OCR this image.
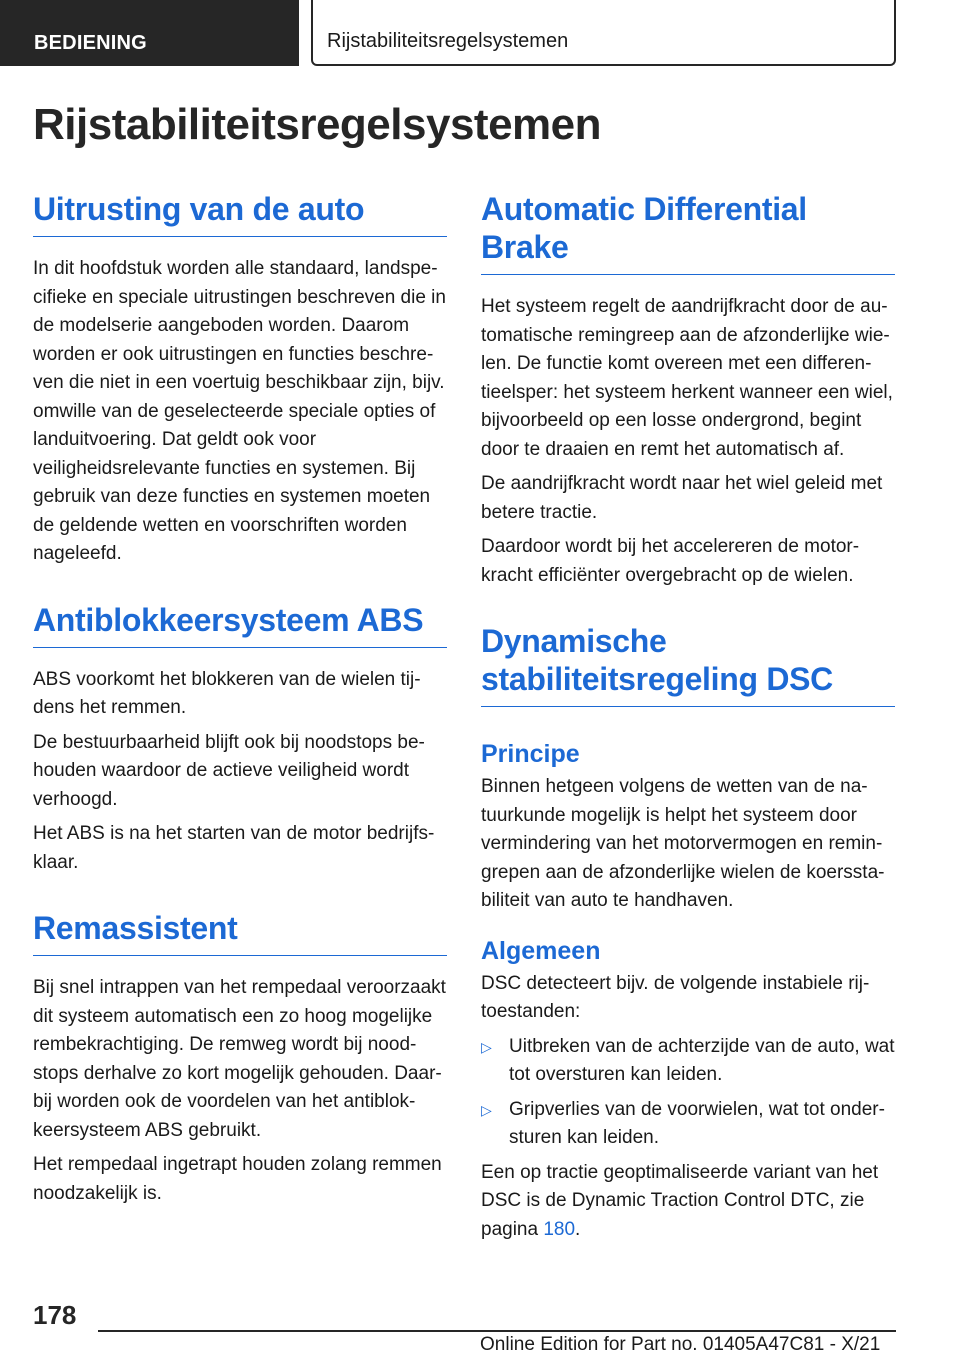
BEDIENING	Rijstabiliteitsregelsystemen
Rijstabiliteitsregelsystemen
Uitrusting van de auto

In dit hoofdstuk worden alle standaard, landspecifieke en speciale uitrustingen beschreven die in de modelserie aangeboden worden. Daarom worden er ook uitrustingen en functies beschreven die niet in een voertuig beschikbaar zijn, bijv. omwille van de geselecteerde speciale opties of landuitvoering. Dat geldt ook voor veiligheidsrelevante functies en systemen. Bij gebruik van deze functies en systemen moeten de geldende wetten en voorschriften worden nageleefd.

Antiblokkeersysteem ABS

ABS voorkomt het blokkeren van de wielen tijdens het remmen.

De bestuurbaarheid blijft ook bij noodstops behouden waardoor de actieve veiligheid wordt verhoogd.

Het ABS is na het starten van de motor bedrijfsklaar.

Remassistent

Bij snel intrappen van het rempedaal veroorzaakt dit systeem automatisch een zo hoog mogelijke rembekrachtiging. De remweg wordt bij noodstops derhalve zo kort mogelijk gehouden. Daarbij worden ook de voordelen van het antiblokkeersysteem ABS gebruikt.

Het rempedaal ingetrapt houden zolang remmen noodzakelijk is.

Automatic Differential Brake

Het systeem regelt de aandrijfkracht door de automatische remingreep aan de afzonderlijke wielen. De functie komt overeen met een differentieelsper: het systeem herkent wanneer een wiel, bijvoorbeeld op een losse ondergrond, begint door te draaien en remt het automatisch af.

De aandrijfkracht wordt naar het wiel geleid met betere tractie.

Daardoor wordt bij het accelereren de motorkracht efficiënter overgebracht op de wielen.

Dynamische stabiliteitsregeling DSC
Principe

Binnen hetgeen volgens de wetten van de natuurkunde mogelijk is helpt het systeem door vermindering van het motorvermogen en remingrepen aan de afzonderlijke wielen de koersstabiliteit van auto te handhaven.

Algemeen

DSC detecteert bijv. de volgende instabiele rijtoestanden:

▷ Uitbreken van de achterzijde van de auto, wat tot oversturen kan leiden.
▷ Gripverlies van de voorwielen, wat tot ondersturen kan leiden.

Een op tractie geoptimaliseerde variant van het DSC is de Dynamic Traction Control DTC, zie pagina 180.

178
Online Edition for Part no. 01405A47C81 - X/21
